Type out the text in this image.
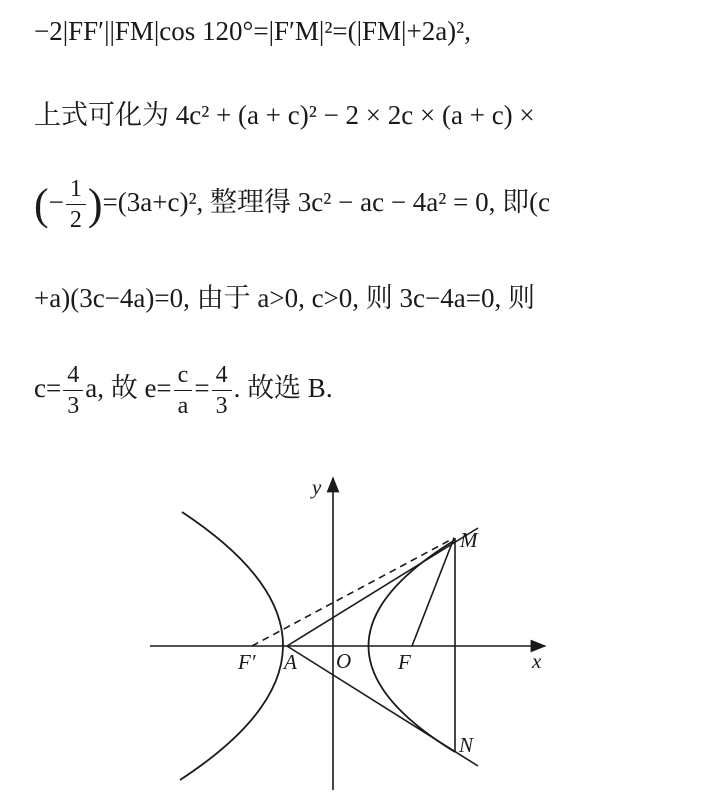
−2|FF′||FM|cos 120°=|F′M|²=(|FM|+2a)²,
上式可化为 4c² + (a + c)² − 2 × 2c × (a + c) ×
(− $\frac{1}{2} )=(3a+c)^2$, 整理得 3c² − ac − 4a² = 0, 即(c
+a)(3c−4a)=0, 由于 a>0, c>0, 则 3c−4a=0, 则
$c= \frac{4}{3} a$, 故 $e= \frac{c}{a} = \frac{4}{3}$ . 故选 B.
y
x
M
N
O
A
F′	F
